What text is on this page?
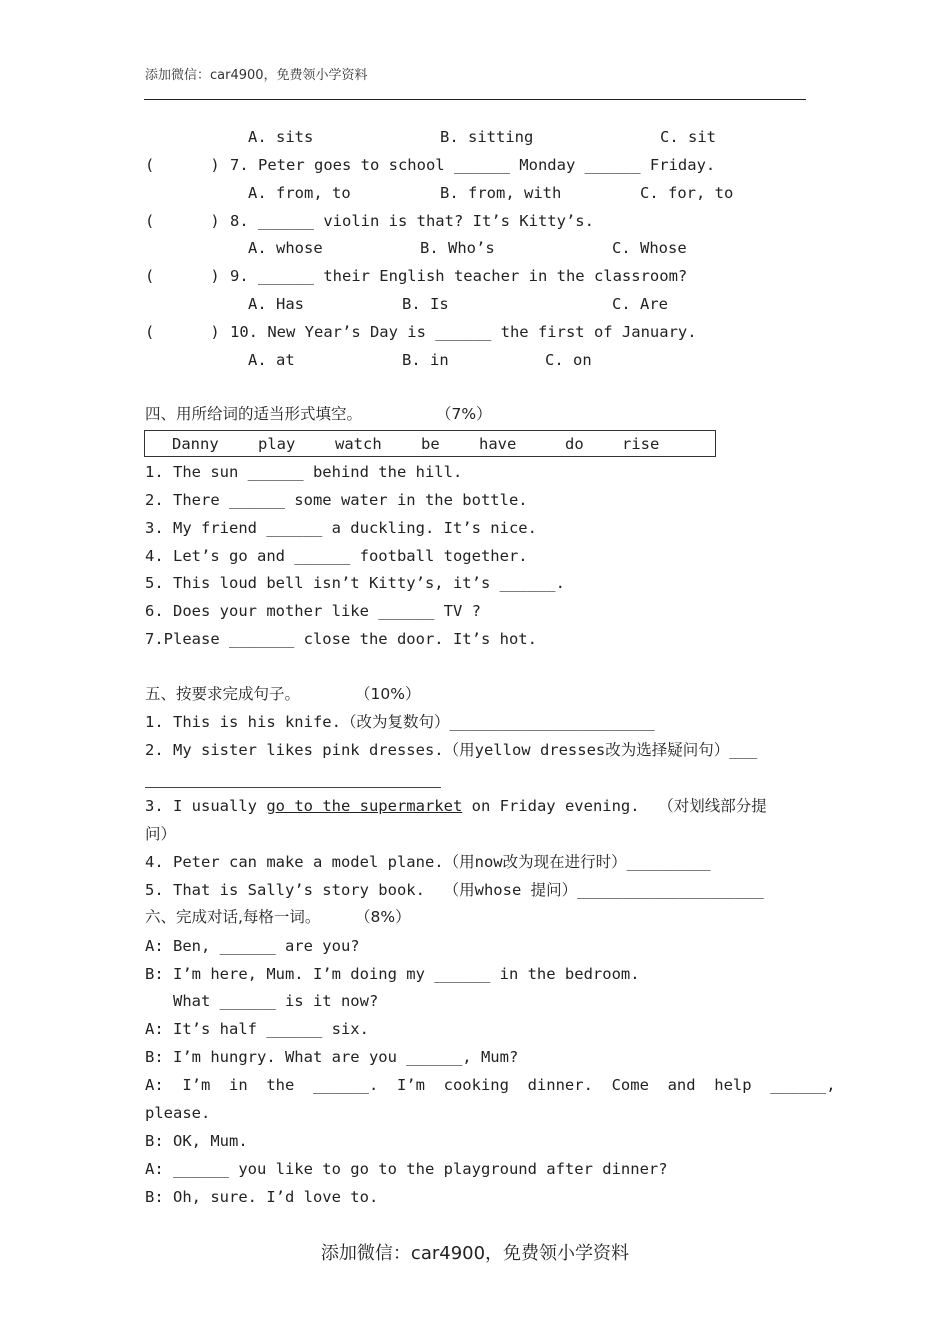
添加微信：car4900，免费领小学资料
A. sits	B. sitting	C. sit
(      ) 7. Peter goes to school ______ Monday ______ Friday.
A. from, to	B. from, with	C. for, to
(      ) 8. ______ violin is that? It’s Kitty’s.
A. whose	B. Who’s	C. Whose
(      ) 9. ______ their English teacher in the classroom?
A. Has	B. Is	C. Are
(      ) 10. New Year’s Day is ______ the first of January.
A. at	B. in	C. on
四、用所给词的适当形式填空。	（7%）
Danny	play	watch	be	have	do rise
1. The sun ______ behind the hill.
2. There ______ some water in the bottle.
3. My friend ______ a duckling. It’s nice.
4. Let’s go and ______ football together.
5. This loud bell isn’t Kitty’s, it’s ______.
6. Does your mother like ______ TV ?
7.Please _______ close the door. It’s hot.
五、按要求完成句子。	（10%）
1. This is his knife.（改为复数句）______________________
2. My sister likes pink dresses.（用yellow dresses改为选择疑问句）___
3. I usually go to the supermarket on Friday evening.  （对划线部分提
问）
4. Peter can make a model plane.（用now改为现在进行时）_________
5. That is Sally’s story book.  （用whose 提问）____________________
六、完成对话,每格一词。 （8%）
A: Ben, ______ are you?
B: I’m here, Mum. I’m doing my ______ in the bedroom.
What ______ is it now?
A: It’s half ______ six.
B: I’m hungry. What are you ______, Mum?
A:  I’m  in  the  ______.  I’m  cooking  dinner.  Come  and  help  ______,
please.
B: OK, Mum.
A: ______ you like to go to the playground after dinner?
B: Oh, sure. I’d love to.
添加微信：car4900，免费领小学资料
